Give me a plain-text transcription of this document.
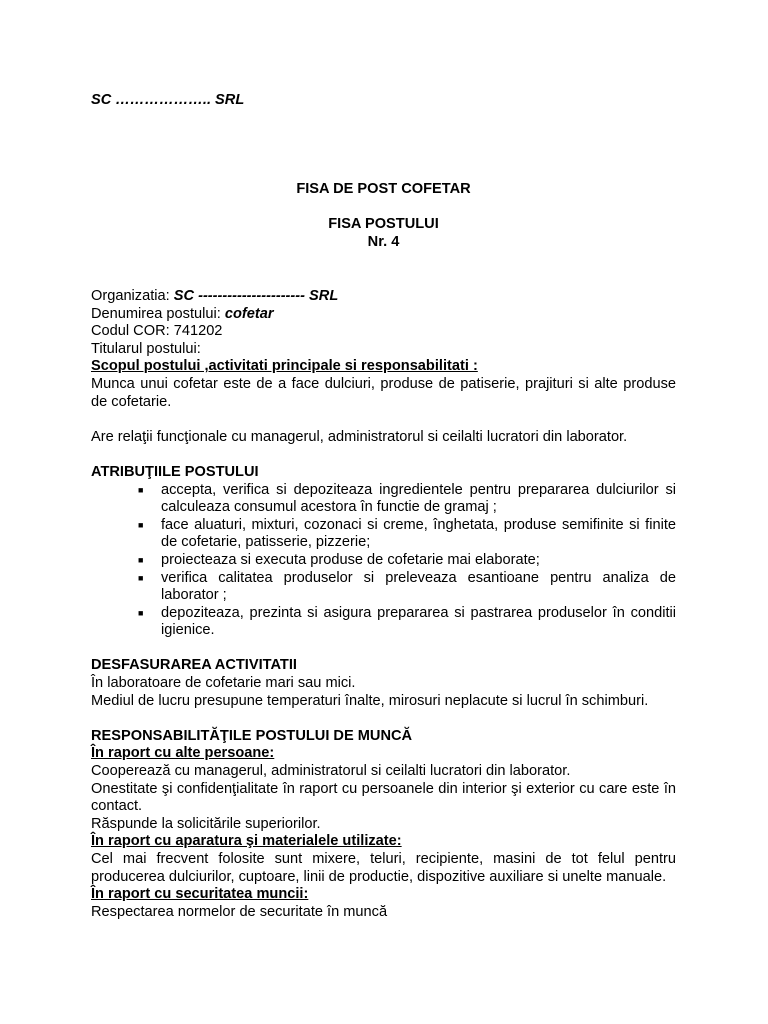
SC ……………….. SRL
FISA DE POST COFETAR
FISA POSTULUI
Nr. 4

Organizatia: SC ---------------------- SRL

Denumirea postului: cofetar

Codul COR: 741202

Titularul postului:

Scopul postului ,activitati principale si responsabilitati :

Munca unui cofetar este de a face dulciuri, produse de patiserie, prajituri si alte produse de cofetarie.

Are relaţii funcţionale cu managerul, administratorul si ceilalti lucratori din laborator.

ATRIBUŢIILE POSTULUI

■	accepta, verifica si depoziteaza ingredientele pentru prepararea dulciurilor si calculeaza consumul acestora în functie de gramaj ;
■	face aluaturi, mixturi, cozonaci si creme, înghetata, produse semifinite si finite de cofetarie, patisserie, pizzerie;
■	proiecteaza si executa produse de cofetarie mai elaborate;
■	verifica calitatea produselor si preleveaza esantioane pentru analiza de laborator ;
■	depoziteaza, prezinta si asigura prepararea si pastrarea produselor în conditii igienice.

DESFASURAREA ACTIVITATII

În laboratoare de cofetarie mari sau mici.

Mediul de lucru presupune temperaturi înalte, mirosuri neplacute si lucrul în schimburi.

RESPONSABILITĂŢILE POSTULUI DE MUNCĂ

În raport cu alte persoane:

Cooperează cu managerul, administratorul si ceilalti lucratori din laborator.

Onestitate şi confidenţialitate în raport cu persoanele din interior şi exterior cu care este în contact.

Răspunde la solicitările superiorilor.

În raport cu aparatura şi materialele utilizate:

Cel mai frecvent folosite sunt mixere, teluri, recipiente, masini de tot felul pentru producerea dulciurilor, cuptoare, linii de productie, dispozitive auxiliare si unelte manuale.

În raport cu securitatea muncii:

Respectarea normelor de securitate în muncă
